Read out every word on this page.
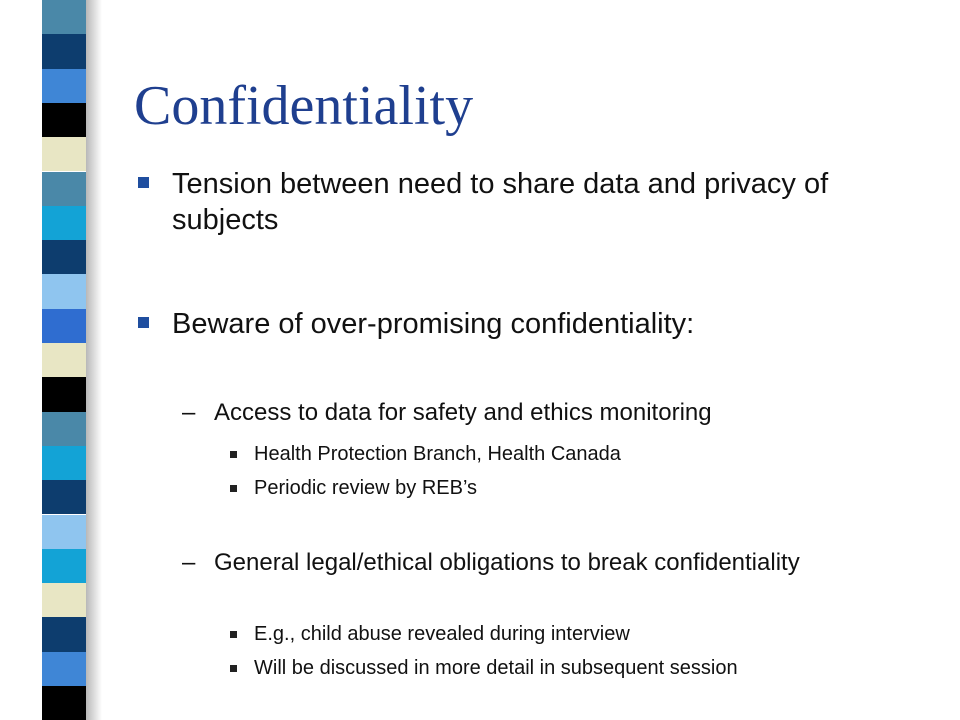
Confidentiality
Tension between need to share data and privacy of subjects
Beware of over-promising confidentiality:
– Access to data for safety and ethics monitoring
Health Protection Branch, Health Canada
Periodic review by REB’s
– General legal/ethical obligations to break confidentiality
E.g., child abuse revealed during interview
Will be discussed in more detail in subsequent session
